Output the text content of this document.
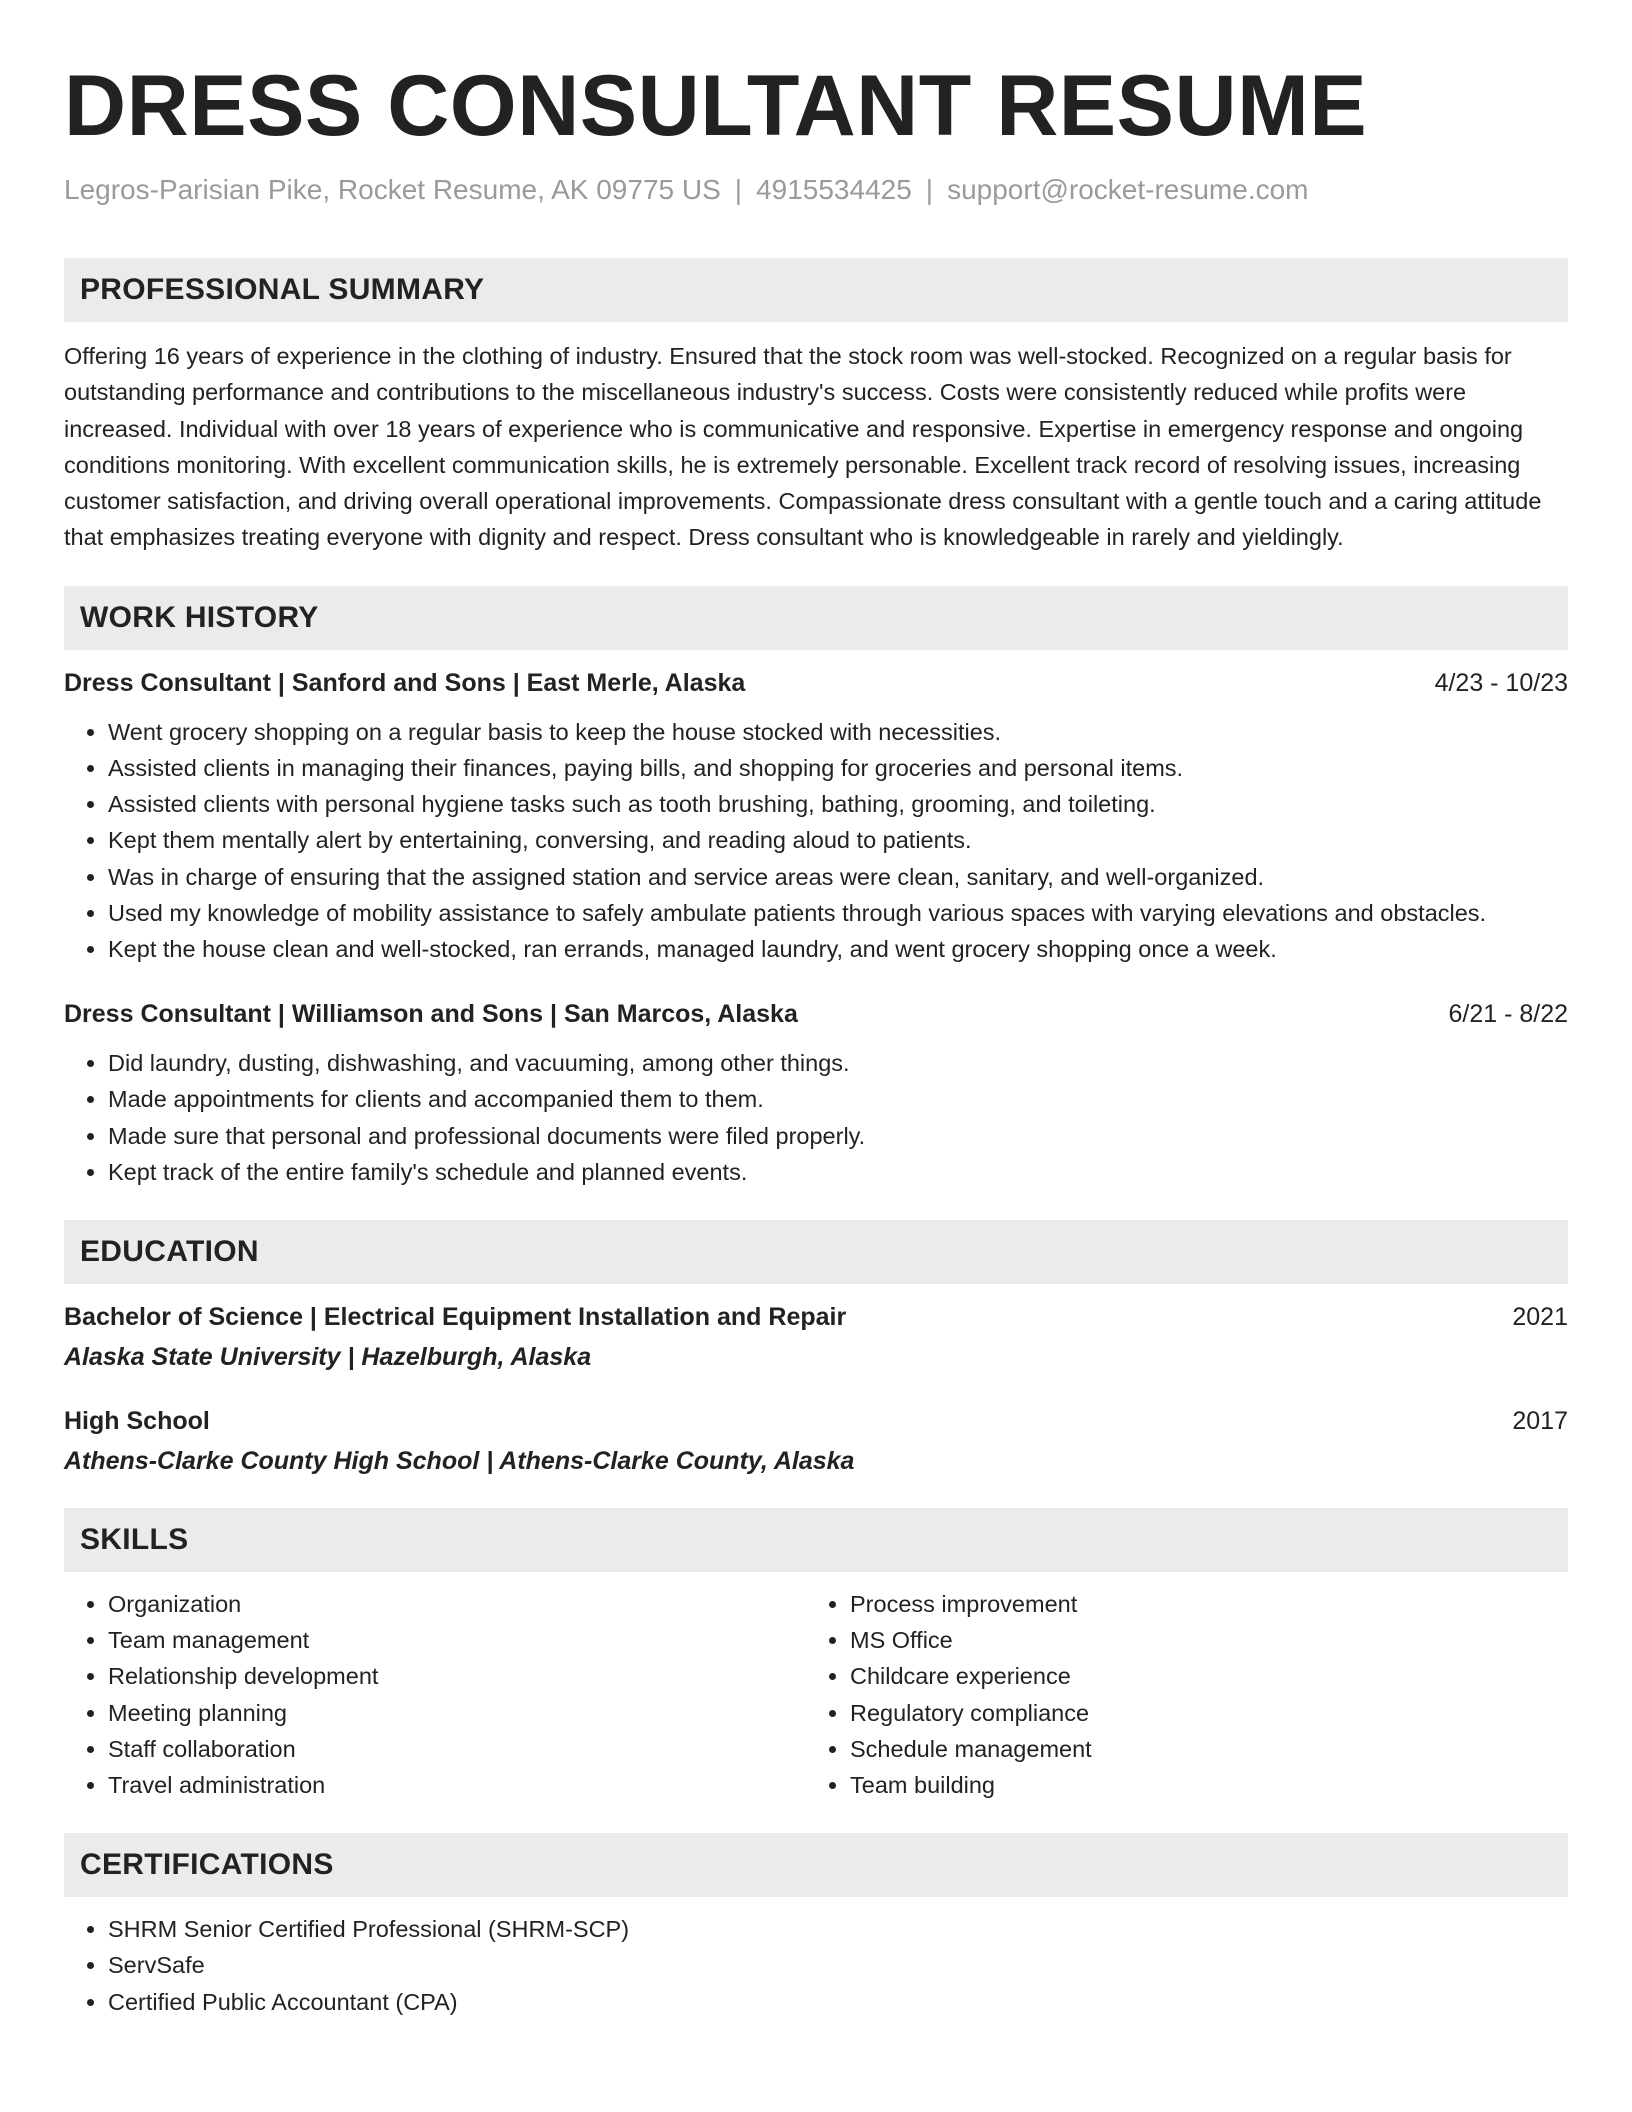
DRESS CONSULTANT RESUME
Legros-Parisian Pike, Rocket Resume, AK 09775 US | 4915534425 | support@rocket-resume.com
PROFESSIONAL SUMMARY

Offering 16 years of experience in the clothing of industry. Ensured that the stock room was well-stocked. Recognized on a regular basis for outstanding performance and contributions to the miscellaneous industry's success. Costs were consistently reduced while profits were increased. Individual with over 18 years of experience who is communicative and responsive. Expertise in emergency response and ongoing conditions monitoring. With excellent communication skills, he is extremely personable. Excellent track record of resolving issues, increasing customer satisfaction, and driving overall operational improvements. Compassionate dress consultant with a gentle touch and a caring attitude that emphasizes treating everyone with dignity and respect. Dress consultant who is knowledgeable in rarely and yieldingly.

WORK HISTORY
Dress Consultant | Sanford and Sons | East Merle, Alaska	4/23 - 10/23
• Went grocery shopping on a regular basis to keep the house stocked with necessities.
• Assisted clients in managing their finances, paying bills, and shopping for groceries and personal items.
• Assisted clients with personal hygiene tasks such as tooth brushing, bathing, grooming, and toileting.
• Kept them mentally alert by entertaining, conversing, and reading aloud to patients.
• Was in charge of ensuring that the assigned station and service areas were clean, sanitary, and well-organized.
• Used my knowledge of mobility assistance to safely ambulate patients through various spaces with varying elevations and obstacles.
• Kept the house clean and well-stocked, ran errands, managed laundry, and went grocery shopping once a week.
Dress Consultant | Williamson and Sons | San Marcos, Alaska	6/21 - 8/22
• Did laundry, dusting, dishwashing, and vacuuming, among other things.
• Made appointments for clients and accompanied them to them.
• Made sure that personal and professional documents were filed properly.
• Kept track of the entire family's schedule and planned events.
EDUCATION
Bachelor of Science | Electrical Equipment Installation and Repair	2021
Alaska State University | Hazelburgh, Alaska
High School	2017
Athens-Clarke County High School | Athens-Clarke County, Alaska
SKILLS
• Organization
• Team management
• Relationship development
• Meeting planning
• Staff collaboration
• Travel administration
• Process improvement
• MS Office
• Childcare experience
• Regulatory compliance
• Schedule management
• Team building
CERTIFICATIONS
• SHRM Senior Certified Professional (SHRM-SCP)
• ServSafe
• Certified Public Accountant (CPA)
